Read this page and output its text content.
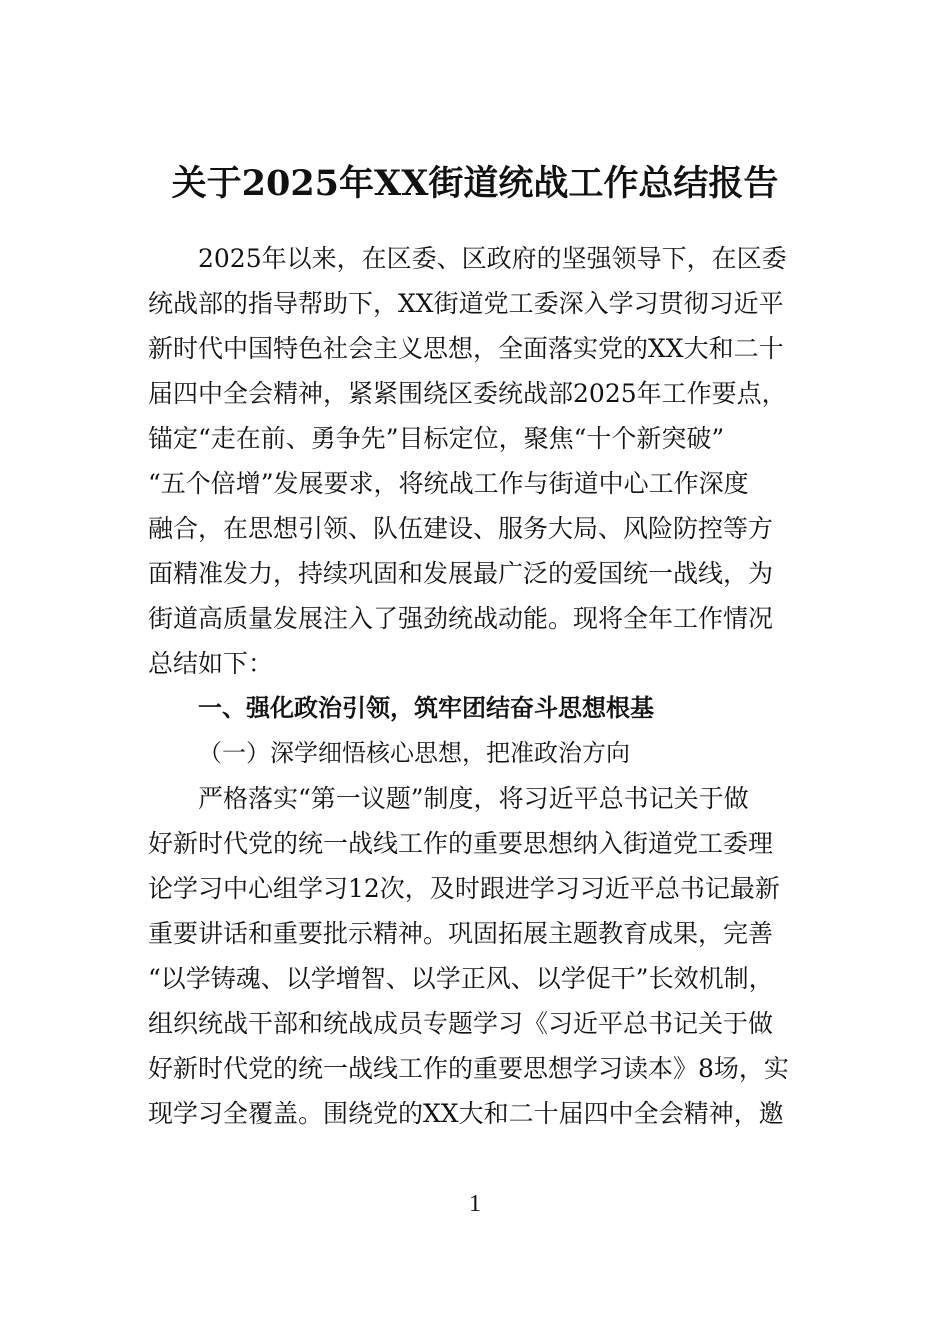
关于2025年XX街道统战工作总结报告
2025年以来，在区委、区政府的坚强领导下，在区委
统战部的指导帮助下，XX街道党工委深入学习贯彻习近平
新时代中国特色社会主义思想，全面落实党的XX大和二十
届四中全会精神，紧紧围绕区委统战部2025年工作要点，
锚定“走在前、勇争先”目标定位，聚焦“十个新突破”
“五个倍增”发展要求，将统战工作与街道中心工作深度
融合，在思想引领、队伍建设、服务大局、风险防控等方
面精准发力，持续巩固和发展最广泛的爱国统一战线，为
街道高质量发展注入了强劲统战动能。现将全年工作情况
总结如下：
一、强化政治引领，筑牢团结奋斗思想根基
（一）深学细悟核心思想，把准政治方向
严格落实“第一议题”制度，将习近平总书记关于做
好新时代党的统一战线工作的重要思想纳入街道党工委理
论学习中心组学习12次，及时跟进学习习近平总书记最新
重要讲话和重要批示精神。巩固拓展主题教育成果，完善
“以学铸魂、以学增智、以学正风、以学促干”长效机制，
组织统战干部和统战成员专题学习《习近平总书记关于做
好新时代党的统一战线工作的重要思想学习读本》8场，实
现学习全覆盖。围绕党的XX大和二十届四中全会精神，邀
1
